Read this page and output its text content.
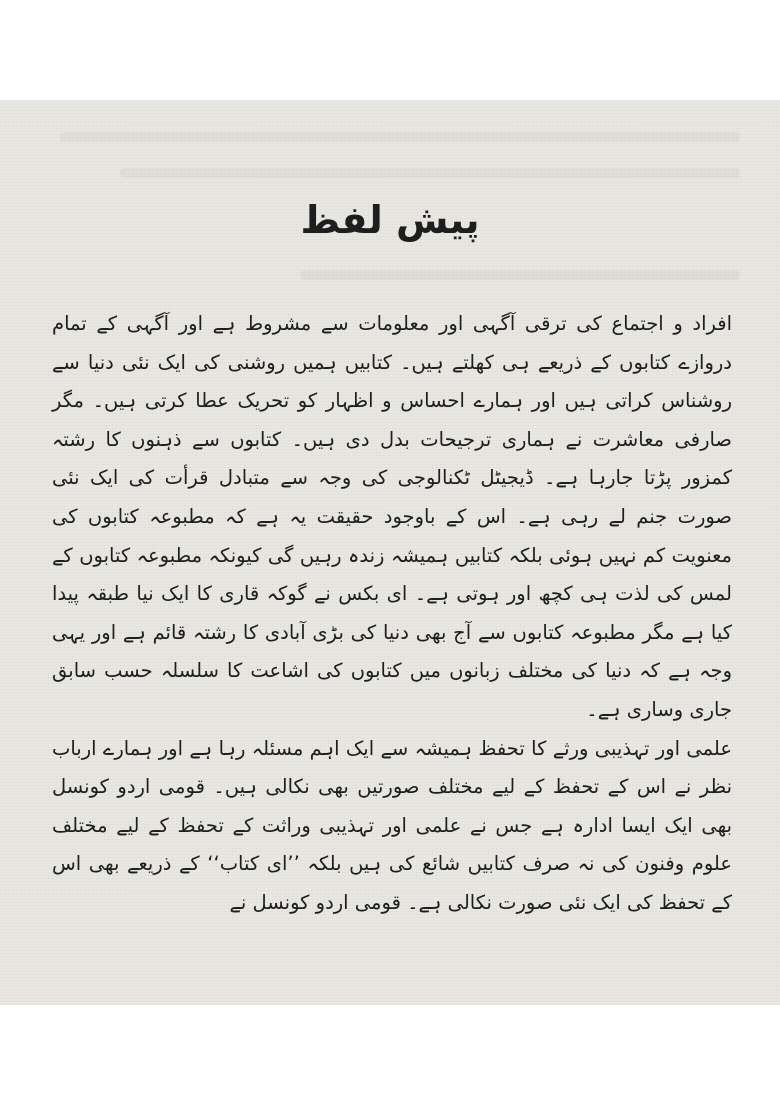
پیش لفظ

افراد و اجتماع کی ترقی آگہی اور معلومات سے مشروط ہے اور آگہی کے تمام دروازے کتابوں کے ذریعے ہی کھلتے ہیں۔ کتابیں ہمیں روشنی کی ایک نئی دنیا سے روشناس کراتی ہیں اور ہمارے احساس و اظہار کو تحریک عطا کرتی ہیں۔ مگر صارفی معاشرت نے ہماری ترجیحات بدل دی ہیں۔ کتابوں سے ذہنوں کا رشتہ کمزور پڑتا جارہا ہے۔ ڈیجیٹل ٹکنالوجی کی وجہ سے متبادل قرأت کی ایک نئی صورت جنم لے رہی ہے۔ اس کے باوجود حقیقت یہ ہے کہ مطبوعہ کتابوں کی معنویت کم نہیں ہوئی بلکہ کتابیں ہمیشہ زندہ رہیں گی کیونکہ مطبوعہ کتابوں کے لمس کی لذت ہی کچھ اور ہوتی ہے۔ ای بکس نے گوکہ قاری کا ایک نیا طبقہ پیدا کیا ہے مگر مطبوعہ کتابوں سے آج بھی دنیا کی بڑی آبادی کا رشتہ قائم ہے اور یہی وجہ ہے کہ دنیا کی مختلف زبانوں میں کتابوں کی اشاعت کا سلسلہ حسب سابق جاری وساری ہے۔

علمی اور تہذیبی ورثے کا تحفظ ہمیشہ سے ایک اہم مسئلہ رہا ہے اور ہمارے ارباب نظر نے اس کے تحفظ کے لیے مختلف صورتیں بھی نکالی ہیں۔ قومی اردو کونسل بھی ایک ایسا ادارہ ہے جس نے علمی اور تہذیبی وراثت کے تحفظ کے لیے مختلف علوم وفنون کی نہ صرف کتابیں شائع کی ہیں بلکہ ’’ای کتاب‘‘ کے ذریعے بھی اس کے تحفظ کی ایک نئی صورت نکالی ہے۔ قومی اردو کونسل نے
